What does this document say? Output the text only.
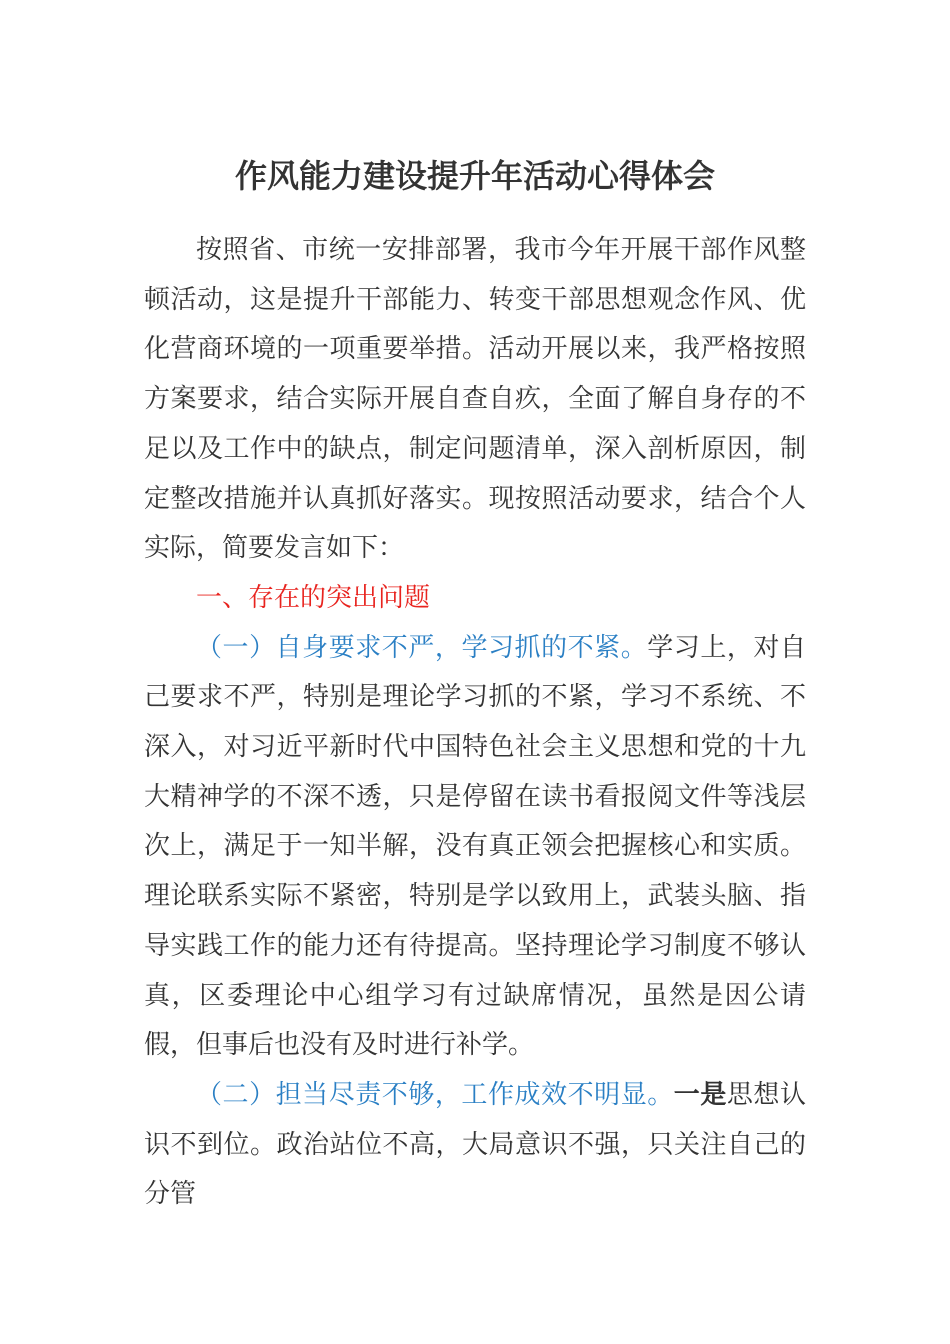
作风能力建设提升年活动心得体会

按照省、市统一安排部署，我市今年开展干部作风整顿活动，这是提升干部能力、转变干部思想观念作风、优化营商环境的一项重要举措。活动开展以来，我严格按照方案要求，结合实际开展自查自疚，全面了解自身存的不足以及工作中的缺点，制定问题清单，深入剖析原因，制定整改措施并认真抓好落实。现按照活动要求，结合个人实际，简要发言如下：

一、存在的突出问题

（一）自身要求不严，学习抓的不紧。学习上，对自己要求不严，特别是理论学习抓的不紧，学习不系统、不深入，对习近平新时代中国特色社会主义思想和党的十九大精神学的不深不透，只是停留在读书看报阅文件等浅层次上，满足于一知半解，没有真正领会把握核心和实质。理论联系实际不紧密，特别是学以致用上，武装头脑、指导实践工作的能力还有待提高。坚持理论学习制度不够认真，区委理论中心组学习有过缺席情况，虽然是因公请假，但事后也没有及时进行补学。

（二）担当尽责不够，工作成效不明显。一是思想认识不到位。政治站位不高，大局意识不强，只关注自己的分管
